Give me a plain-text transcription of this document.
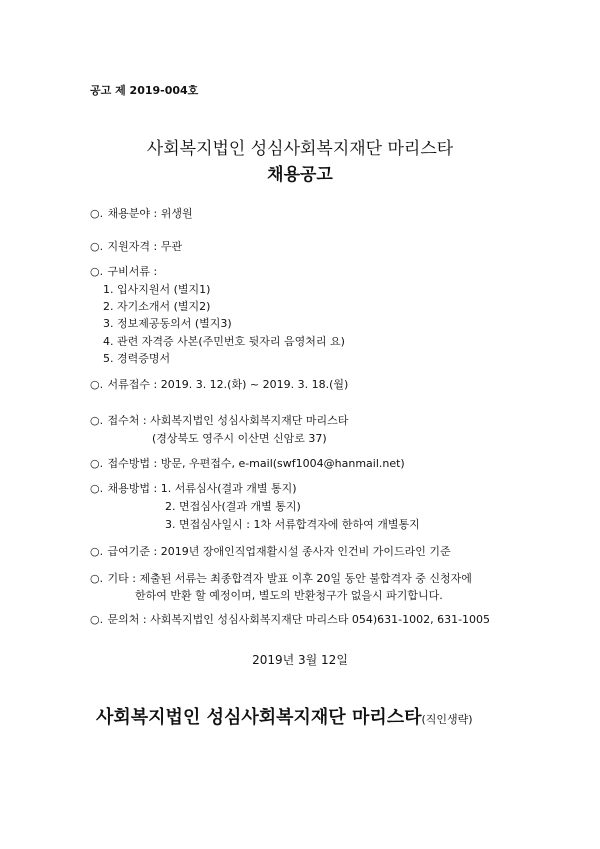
공고 제 2019-004호
사회복지법인 성심사회복지재단 마리스타
채용공고
○. 채용분야 : 위생원
○. 지원자격 : 무관
○. 구비서류 :
1. 입사지원서 (별지1)
2. 자기소개서 (별지2)
3. 정보제공동의서 (별지3)
4. 관련 자격증 사본(주민번호 뒷자리 음영처리 요)
5. 경력증명서
○. 서류접수 : 2019. 3. 12.(화) ~ 2019. 3. 18.(월)
○. 접수처 : 사회복지법인 성심사회복지재단 마리스타
(경상북도 영주시 이산면 신암로 37)
○. 접수방법 : 방문, 우편접수, e-mail(swf1004@hanmail.net)
○. 채용방법 : 1. 서류심사(결과 개별 통지)
2. 면접심사(결과 개별 통지)
3. 면접심사일시 : 1차 서류합격자에 한하여 개별통지
○. 급여기준 : 2019년 장애인직업재활시설 종사자 인건비 가이드라인 기준
○. 기타 : 제출된 서류는 최종합격자 발표 이후 20일 동안 불합격자 중 신청자에
한하여 반환 할 예정이며, 별도의 반환청구가 없을시 파기합니다.
○. 문의처 : 사회복지법인 성심사회복지재단 마리스타 054)631-1002, 631-1005
2019년 3월 12일
사회복지법인 성심사회복지재단 마리스타(직인생략)
